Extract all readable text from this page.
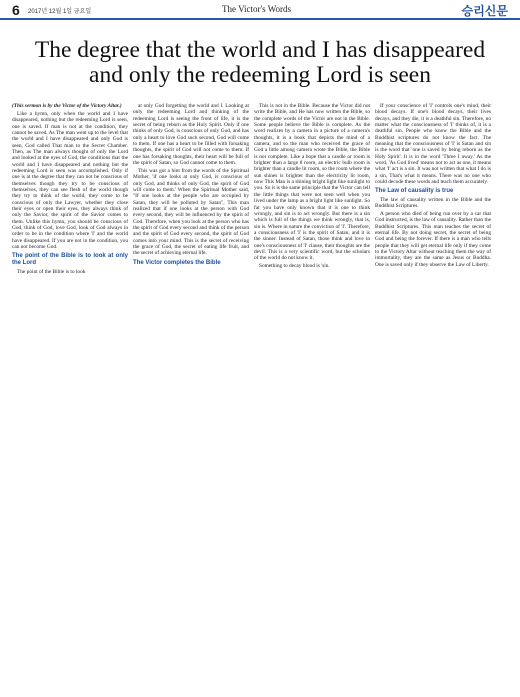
6 2017년 12월 1일 금요일	The Victor's Words	승리신문
The degree that the world and I has disappeared
and only the redeeming Lord is seen

(This sermon is by the Victor of the Victory Altar.)

Like a hymn, only when the world and I have disappeared, nothing but the redeeming Lord is seen, one is saved. If man is not at the condition, they cannot be saved. As The man went up to the level that the world and I have disappeared and only God is seen, God called That man to the Secret Chamber. Then, as The man always thought of only the Lord and looked at the eyes of God, the conditions that the world and I have disappeared and nothing but the redeeming Lord is seen was accomplished. Only if one is at the degree that they can not be conscious of themselves though they try to be conscious of themselves, they can see flesh of the world though they try to think of the world, they come to be conscious of only the Lawyer, whether they close their eyes or open their eyes, they always think of only the Savior, the spirit of the Savior comes to them. Unlike this hymn, you should be conscious of God, think of God, love God, look of God always in order to be in the condition where 'I' and the world have disappeared. If you are not in the condition, you can not become God.

The point of the Bible is to look at only the Lord

The point of the Bible is to look

at only God forgetting the world and I. Looking at only the redeeming Lord and thinking of the redeeming Lord is seeing the front of life, it is the secret of being reborn as the Holy Spirit. Only if one thinks of only God, is conscious of only God, and has only a heart to love God such second, God will come to them. If one has a heart to be filled with forsaking thoughts, the spirit of God will not come to them. If one has forsaking thoughts, their heart will be full of the spirit of Satan, so God cannot come to them.

This was got a hint from the words of the Spiritual Mother, 'if one looks at only God, is conscious of only God, and thinks of only God, the spirit of God will come to them.' When the Spiritual Mother said, "If one looks at the people who are occupied by Satan, they will be polluted by Satan", This man realized that if one looks at the person with God every second, they will be influenced by the spirit of God. Therefore, when you look at the person who has the spirit of God every second and think of the person and the spirit of God every second, the spirit of God comes into your mind. This is the secret of receiving the grace of God, the secret of eating life fruit, and the secret of achieving eternal life.

The Victor completes the Bible

This is not in the Bible. Because the Victor did not write the Bible, and He has now written the Bible, so the complete words of the Victor are not in the Bible. Some people believe the Bible is complete. As the word realizes by a camera in a picture of a camera's thoughts, it is a book that depicts the mind of a camera, and so the man who received the grace of God a little among camera wrote the Bible, the Bible is not complete. Like a hope that a candle or room is brighter than a large 8 room, an electric bulb room is brighter than a candle lit room, so the room where the sun shines is brighter than the electricity lit room, now This Man is a shining bright light like sunlight to you. So it is the same principle that the Victor can tell the little things that were not seen well when you lived under the lamp as a bright light like sunlight. So far you have only known that it is one to think wrongly, and sin is to act wrongly. But there is a sin which is full of the things we think wrongly, that is, sin is. Where in nature the conviction of 'I'. Therefore, a consciousness of 'I' is the spirit of Satan, and it is the sinner. Instead of Satan, those think and love in one's consciousness of 'I' clause, their thoughts are the devil. This is a very scientific word, but the scholars of the world do not know it.

Something to decay blood is 'sin.

If your conscience of 'I' controls one's mind, their blood decays. If one's blood decays, their lives decays, and they die, it is a deathful sin. Therefore, no matter what the consciousness of 'I' thinks of, it is a deathful sin. People who know the Bible and the Buddhist scriptures do not know the fact. The meaning that the consciousness of 'I' is Satan and sin is the word that 'one is saved by being reborn as the Holy Spirit'. It is in the word 'Three I away.' As the word, 'As God lived' means not to act as one, it means what 'I' act is a sin. It was not written that what I do is a sin, That's what it means. There was no one who could decode these words and teach them accurately.

The Law of causality is true

The law of causality written in the Bible and the Buddhist Scriptures.

A person who died of being run over by a car that God instructed, is the law of causality. Rather than the Buddhist Scriptures. This man teaches the secret of eternal life. By not doing secret, the secret of being God and being the forever. If there is a man who tells people that they will get eternal life only if they come to the Victory Altar without teaching them the way of immortality, they are the same as Jesus or Buddha. One is saved only if they observe the Law of Liberty.
